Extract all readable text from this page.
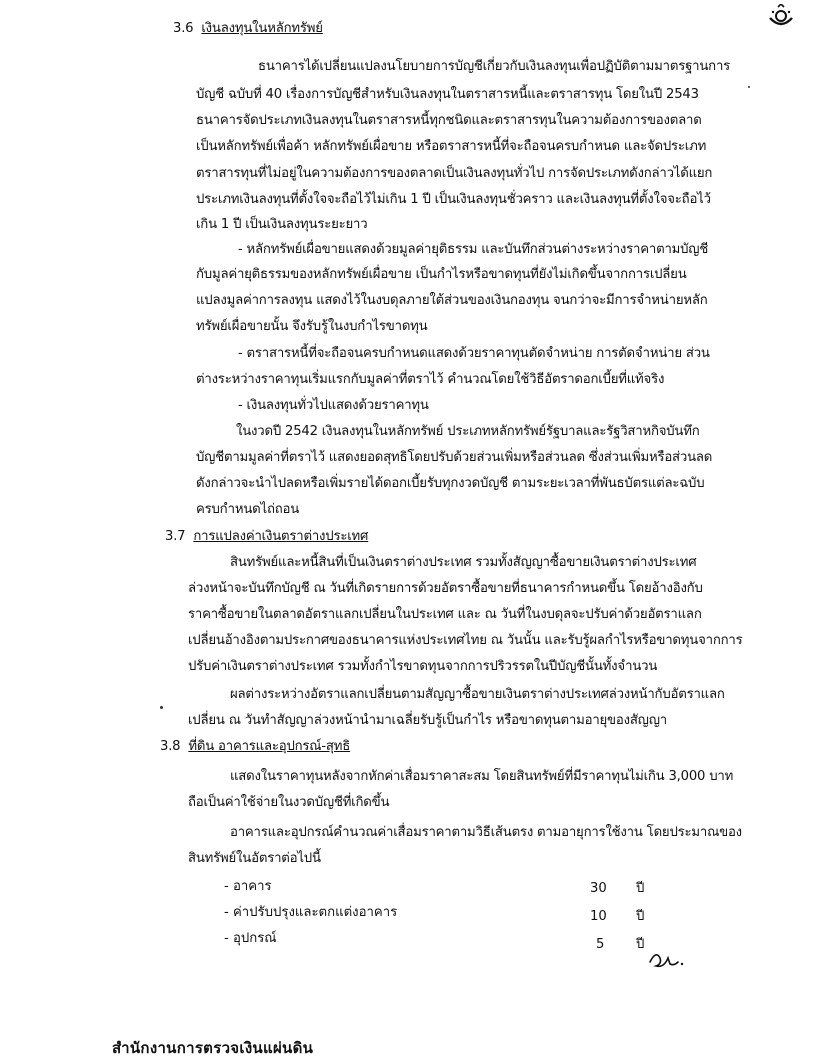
3.6 เงินลงทุนในหลักทรัพย์
ธนาคารได้เปลี่ยนแปลงนโยบายการบัญชีเกี่ยวกับเงินลงทุนเพื่อปฏิบัติตามมาตรฐานการ
บัญชี ฉบับที่ 40 เรื่องการบัญชีสำหรับเงินลงทุนในตราสารหนี้และตราสารทุน โดยในปี 2543
ธนาคารจัดประเภทเงินลงทุนในตราสารหนี้ทุกชนิดและตราสารทุนในความต้องการของตลาด
เป็นหลักทรัพย์เพื่อค้า หลักทรัพย์เผื่อขาย หรือตราสารหนี้ที่จะถือจนครบกำหนด และจัดประเภท
ตราสารทุนที่ไม่อยู่ในความต้องการของตลาดเป็นเงินลงทุนทั่วไป การจัดประเภทดังกล่าวได้แยก
ประเภทเงินลงทุนที่ตั้งใจจะถือไว้ไม่เกิน 1 ปี เป็นเงินลงทุนชั่วคราว และเงินลงทุนที่ตั้งใจจะถือไว้
เกิน 1 ปี เป็นเงินลงทุนระยะยาว
- หลักทรัพย์เผื่อขายแสดงด้วยมูลค่ายุติธรรม และบันทึกส่วนต่างระหว่างราคาตามบัญชี
กับมูลค่ายุติธรรมของหลักทรัพย์เผื่อขาย เป็นกำไรหรือขาดทุนที่ยังไม่เกิดขึ้นจากการเปลี่ยน
แปลงมูลค่าการลงทุน แสดงไว้ในงบดุลภายใต้ส่วนของเงินกองทุน จนกว่าจะมีการจำหน่ายหลัก
ทรัพย์เผื่อขายนั้น จึงรับรู้ในงบกำไรขาดทุน
- ตราสารหนี้ที่จะถือจนครบกำหนดแสดงด้วยราคาทุนตัดจำหน่าย การตัดจำหน่าย ส่วน
ต่างระหว่างราคาทุนเริ่มแรกกับมูลค่าที่ตราไว้ คำนวณโดยใช้วิธีอัตราดอกเบี้ยที่แท้จริง
- เงินลงทุนทั่วไปแสดงด้วยราคาทุน
ในงวดปี 2542 เงินลงทุนในหลักทรัพย์ ประเภทหลักทรัพย์รัฐบาลและรัฐวิสาหกิจบันทึก
บัญชีตามมูลค่าที่ตราไว้ แสดงยอดสุทธิโดยปรับด้วยส่วนเพิ่มหรือส่วนลด ซึ่งส่วนเพิ่มหรือส่วนลด
ดังกล่าวจะนำไปลดหรือเพิ่มรายได้ดอกเบี้ยรับทุกงวดบัญชี ตามระยะเวลาที่พันธบัตรแต่ละฉบับ
ครบกำหนดไถ่ถอน
3.7 การแปลงค่าเงินตราต่างประเทศ
สินทรัพย์และหนี้สินที่เป็นเงินตราต่างประเทศ รวมทั้งสัญญาซื้อขายเงินตราต่างประเทศ
ล่วงหน้าจะบันทึกบัญชี ณ วันที่เกิดรายการด้วยอัตราซื้อขายที่ธนาคารกำหนดขึ้น โดยอ้างอิงกับ
ราคาซื้อขายในตลาดอัตราแลกเปลี่ยนในประเทศ และ ณ วันที่ในงบดุลจะปรับค่าด้วยอัตราแลก
เปลี่ยนอ้างอิงตามประกาศของธนาคารแห่งประเทศไทย ณ วันนั้น และรับรู้ผลกำไรหรือขาดทุนจากการ
ปรับค่าเงินตราต่างประเทศ รวมทั้งกำไรขาดทุนจากการปริวรรตในปีบัญชีนั้นทั้งจำนวน
ผลต่างระหว่างอัตราแลกเปลี่ยนตามสัญญาซื้อขายเงินตราต่างประเทศล่วงหน้ากับอัตราแลก
เปลี่ยน ณ วันทำสัญญาล่วงหน้านำมาเฉลี่ยรับรู้เป็นกำไร หรือขาดทุนตามอายุของสัญญา
3.8 ที่ดิน อาคารและอุปกรณ์-สุทธิ
แสดงในราคาทุนหลังจากหักค่าเสื่อมราคาสะสม โดยสินทรัพย์ที่มีราคาทุนไม่เกิน 3,000 บาท
ถือเป็นค่าใช้จ่ายในงวดบัญชีที่เกิดขึ้น
อาคารและอุปกรณ์คำนวณค่าเสื่อมราคาตามวิธีเส้นตรง ตามอายุการใช้งาน โดยประมาณของ
สินทรัพย์ในอัตราต่อไปนี้
- อาคาร	30 ปี
- ค่าปรับปรุงและตกแต่งอาคาร	10 ปี
- อุปกรณ์	5 ปี
สำนักงานการตรวจเงินแผ่นดิน
